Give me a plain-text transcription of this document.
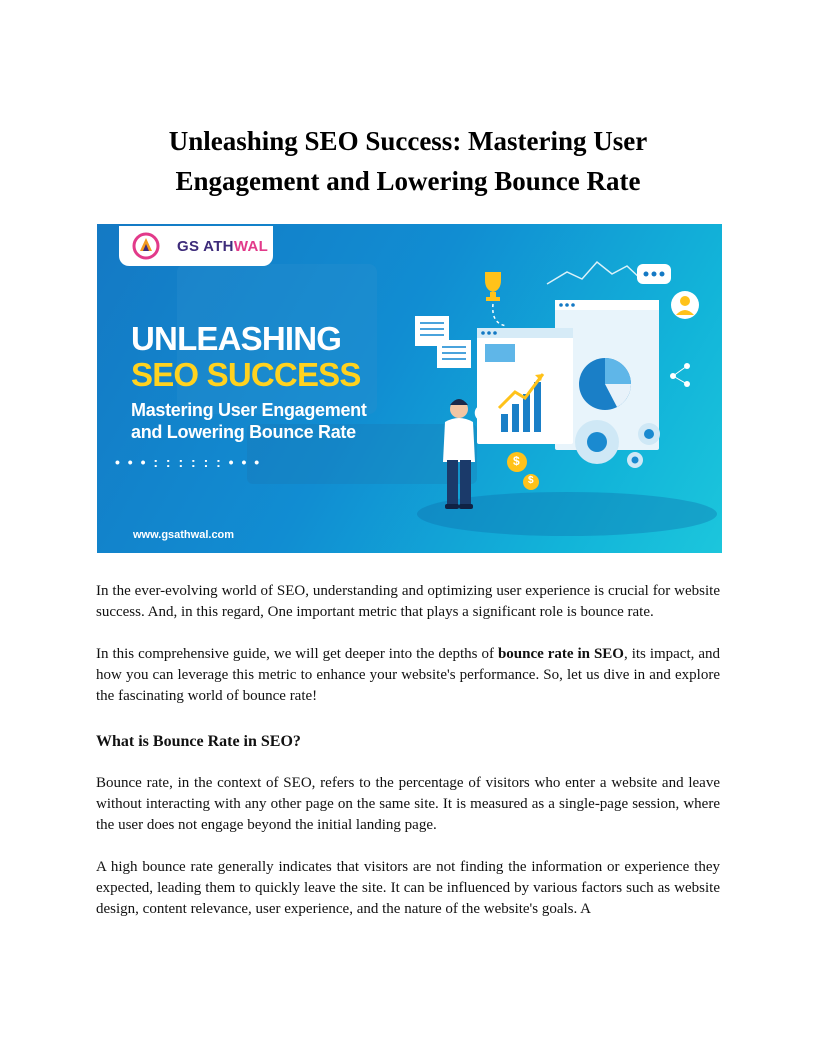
Unleashing SEO Success: Mastering User
Engagement and Lowering Bounce Rate
$
$
GS ATHWAL
UNLEASHING
SEO SUCCESS
Mastering User Engagement
and Lowering Bounce Rate
• • • : : : : : : • • •
www.gsathwal.com

In the ever-evolving world of SEO, understanding and optimizing user experience is crucial for website success. And, in this regard, One important metric that plays a significant role is bounce rate.

In this comprehensive guide, we will get deeper into the depths of bounce rate in SEO, its impact, and how you can leverage this metric to enhance your website's performance. So, let us dive in and explore the fascinating world of bounce rate!

What is Bounce Rate in SEO?

Bounce rate, in the context of SEO, refers to the percentage of visitors who enter a website and leave without interacting with any other page on the same site. It is measured as a single-page session, where the user does not engage beyond the initial landing page.

A high bounce rate generally indicates that visitors are not finding the information or experience they expected, leading them to quickly leave the site. It can be influenced by various factors such as website design, content relevance, user experience, and the nature of the website's goals. A
